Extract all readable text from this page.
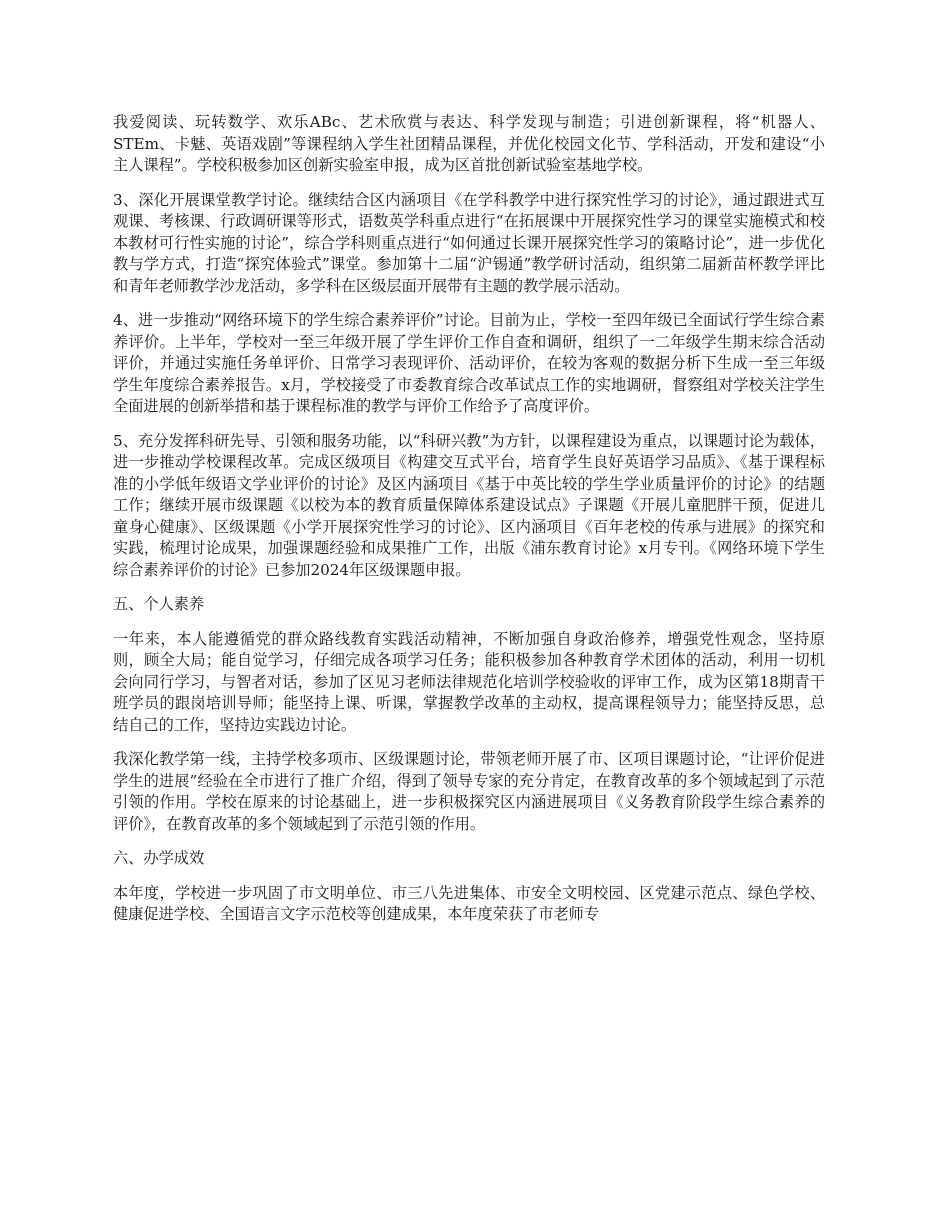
我爱阅读、玩转数学、欢乐ABc、艺术欣赏与表达、科学发现与制造；引进创新课程，将“机器人、STEm、卡魅、英语戏剧”等课程纳入学生社团精品课程，并优化校园文化节、学科活动，开发和建设“小主人课程”。学校积极参加区创新实验室申报，成为区首批创新试验室基地学校。

3、深化开展课堂教学讨论。继续结合区内涵项目《在学科教学中进行探究性学习的讨论》，通过跟进式互观课、考核课、行政调研课等形式，语数英学科重点进行“在拓展课中开展探究性学习的课堂实施模式和校本教材可行性实施的讨论”，综合学科则重点进行“如何通过长课开展探究性学习的策略讨论”，进一步优化教与学方式，打造“探究体验式”课堂。参加第十二届“沪锡通”教学研讨活动，组织第二届新苗杯教学评比和青年老师教学沙龙活动，多学科在区级层面开展带有主题的教学展示活动。

4、进一步推动“网络环境下的学生综合素养评价”讨论。目前为止，学校一至四年级已全面试行学生综合素养评价。上半年，学校对一至三年级开展了学生评价工作自查和调研，组织了一二年级学生期末综合活动评价，并通过实施任务单评价、日常学习表现评价、活动评价，在较为客观的数据分析下生成一至三年级学生年度综合素养报告。x月，学校接受了市委教育综合改革试点工作的实地调研，督察组对学校关注学生全面进展的创新举措和基于课程标准的教学与评价工作给予了高度评价。

5、充分发挥科研先导、引领和服务功能，以“科研兴教”为方针，以课程建设为重点，以课题讨论为载体，进一步推动学校课程改革。完成区级项目《构建交互式平台，培育学生良好英语学习品质》、《基于课程标准的小学低年级语文学业评价的讨论》及区内涵项目《基于中英比较的学生学业质量评价的讨论》的结题工作；继续开展市级课题《以校为本的教育质量保障体系建设试点》子课题《开展儿童肥胖干预，促进儿童身心健康》、区级课题《小学开展探究性学习的讨论》、区内涵项目《百年老校的传承与进展》的探究和实践，梳理讨论成果，加强课题经验和成果推广工作，出版《浦东教育讨论》x月专刊。《网络环境下学生综合素养评价的讨论》已参加2024年区级课题申报。

五、个人素养

一年来，本人能遵循党的群众路线教育实践活动精神，不断加强自身政治修养，增强党性观念，坚持原则，顾全大局；能自觉学习，仔细完成各项学习任务；能积极参加各种教育学术团体的活动，利用一切机会向同行学习，与智者对话，参加了区见习老师法律规范化培训学校验收的评审工作，成为区第18期青干班学员的跟岗培训导师；能坚持上课、听课，掌握教学改革的主动权，提高课程领导力；能坚持反思，总结自己的工作，坚持边实践边讨论。

我深化教学第一线，主持学校多项市、区级课题讨论，带领老师开展了市、区项目课题讨论，“让评价促进学生的进展”经验在全市进行了推广介绍，得到了领导专家的充分肯定，在教育改革的多个领域起到了示范引领的作用。学校在原来的讨论基础上，进一步积极探究区内涵进展项目《义务教育阶段学生综合素养的评价》，在教育改革的多个领域起到了示范引领的作用。

六、办学成效

本年度，学校进一步巩固了市文明单位、市三八先进集体、市安全文明校园、区党建示范点、绿色学校、健康促进学校、全国语言文字示范校等创建成果，本年度荣获了市老师专
